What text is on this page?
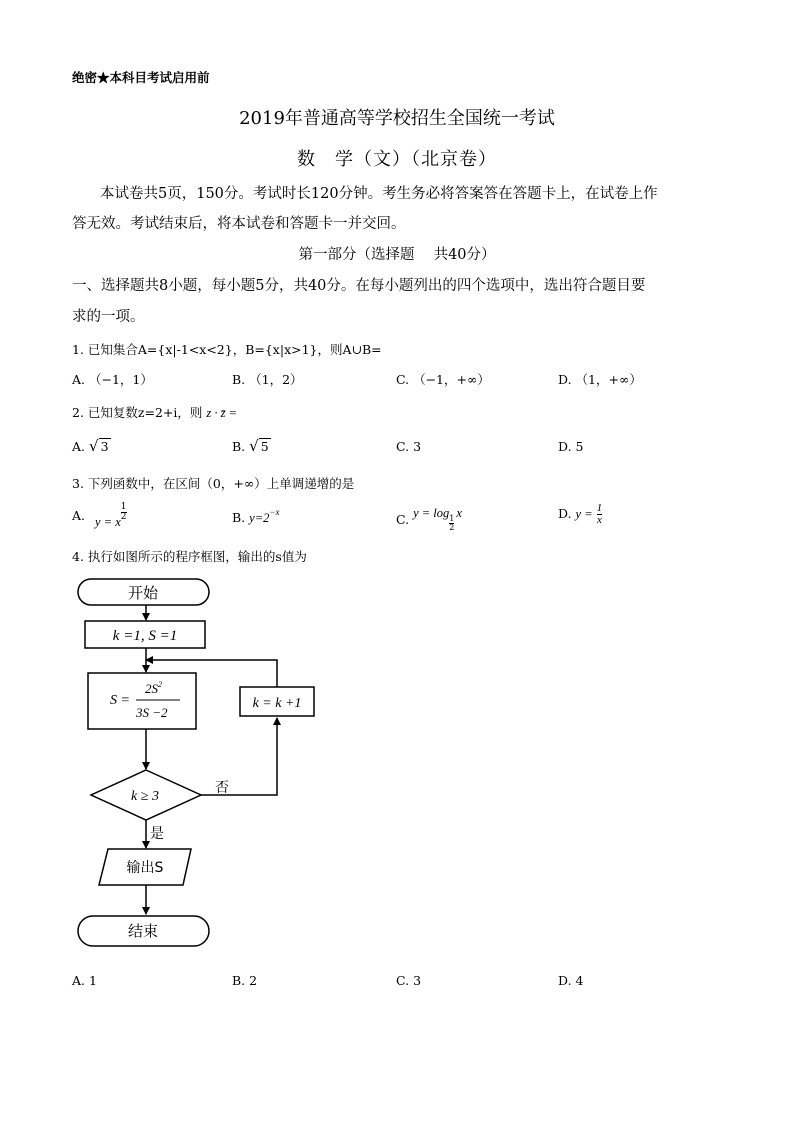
绝密★本科目考试启用前
2019年普通高等学校招生全国统一考试
数　学（文）（北京卷）
本试卷共5页，150分。考试时长120分钟。考生务必将答案答在答题卡上，在试卷上作
答无效。考试结束后，将本试卷和答题卡一并交回。
第一部分（选择题　 共40分）
一、选择题共8小题，每小题5分，共40分。在每小题列出的四个选项中，选出符合题目要
求的一项。
1. 已知集合A={x|-1<x<2}，B={x|x>1}，则A∪B=
A. （−1，1）	B. （1，2）	C. （−1，+∞）	D. （1，+∞）
2. 已知复数z=2+i，则 z · z̄ =
A. √ 3	B. √ 5	C. 3	D. 5
3. 下列函数中，在区间（0，+∞）上单调递增的是
A. y = x $\frac{1}{2}$	B. $y=2^{-x}$	C. y = log
$\frac{1}{2}$
x	D. $y = \frac{1}{x}$
4. 执行如图所示的程序框图，输出的s值为
开始
k =1, S =1
S =
$2S^2$
3S −2
k = k +1
k ≥ 3
否
是
输出S
结束
A. 1	B. 2	C. 3	D. 4
